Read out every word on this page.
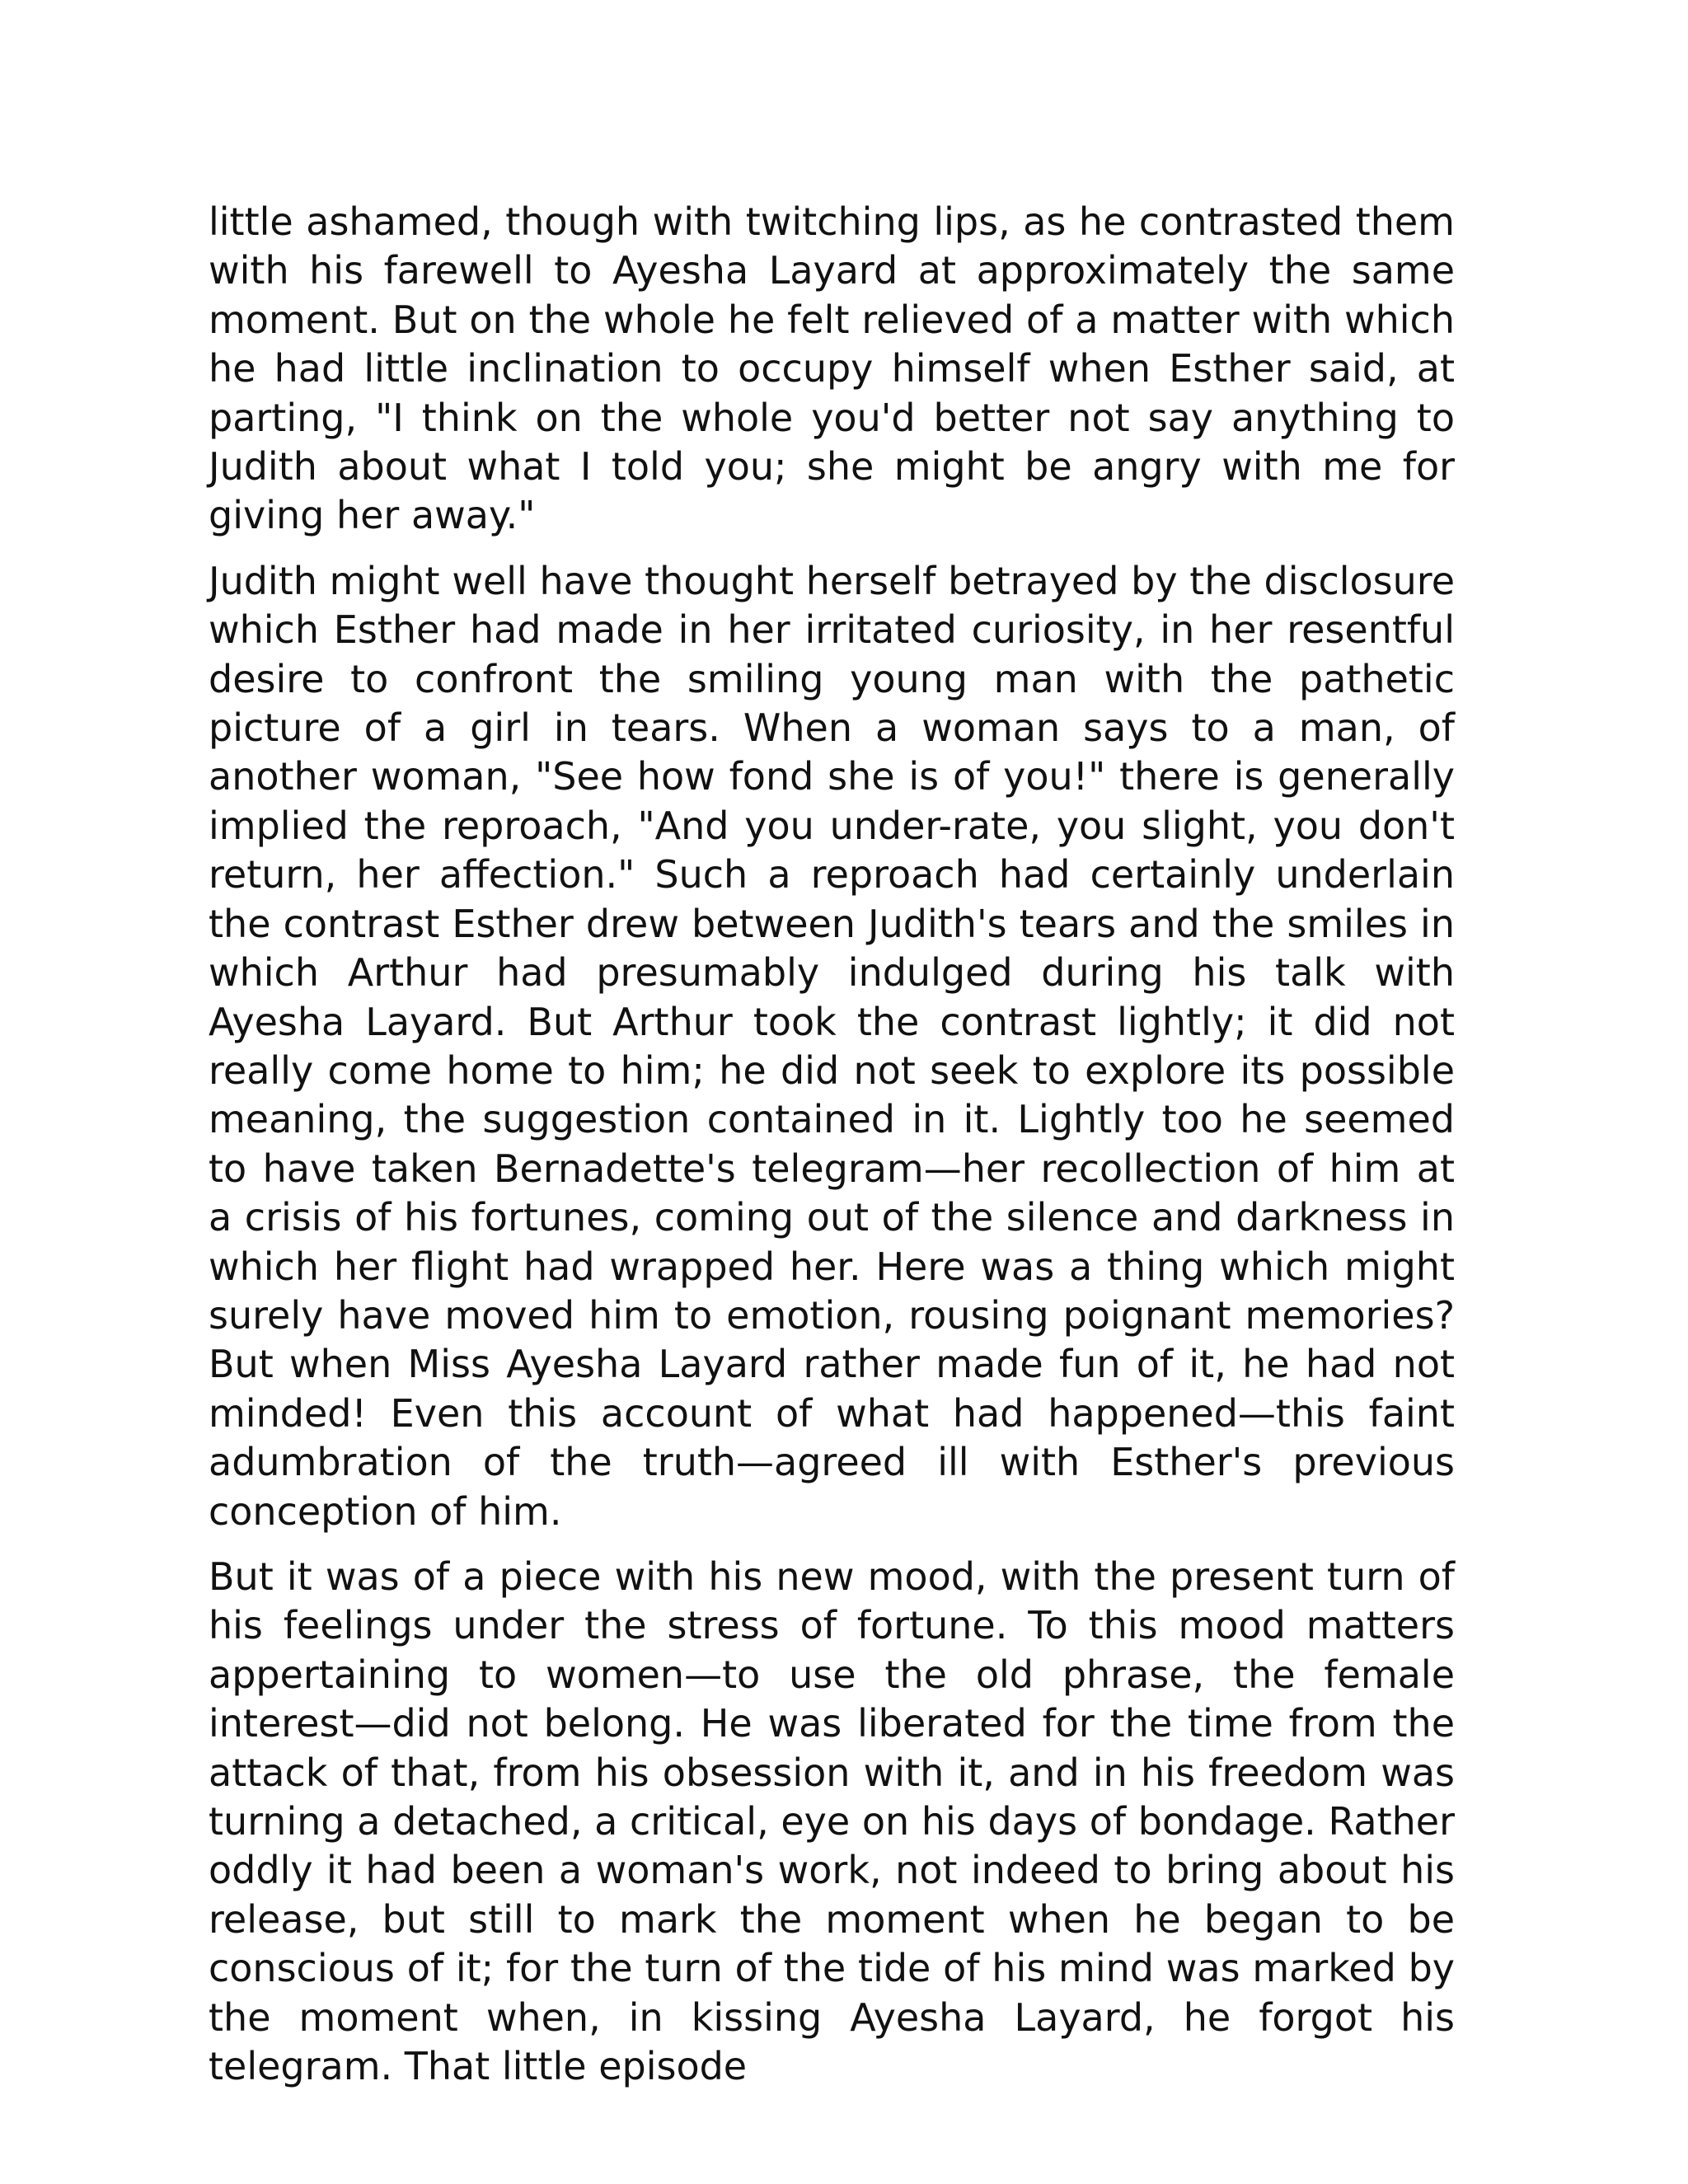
little ashamed, though with twitching lips, as he contrasted them with his farewell to Ayesha Layard at approximately the same moment. But on the whole he felt relieved of a matter with which he had little inclination to occupy himself when Esther said, at parting, "I think on the whole you'd better not say anything to Judith about what I told you; she might be angry with me for giving her away."

Judith might well have thought herself betrayed by the disclosure which Esther had made in her irritated curiosity, in her resentful desire to confront the smiling young man with the pathetic picture of a girl in tears. When a woman says to a man, of another woman, "See how fond she is of you!" there is generally implied the reproach, "And you under-rate, you slight, you don't return, her affection." Such a reproach had certainly underlain the contrast Esther drew between Judith's tears and the smiles in which Arthur had presumably indulged during his talk with Ayesha Layard. But Arthur took the contrast lightly; it did not really come home to him; he did not seek to explore its possible meaning, the suggestion contained in it. Lightly too he seemed to have taken Bernadette's telegram—her recollection of him at a crisis of his fortunes, coming out of the silence and darkness in which her flight had wrapped her. Here was a thing which might surely have moved him to emotion, rousing poignant memories? But when Miss Ayesha Layard rather made fun of it, he had not minded! Even this account of what had happened—this faint adumbration of the truth—agreed ill with Esther's previous conception of him.

But it was of a piece with his new mood, with the present turn of his feelings under the stress of fortune. To this mood matters appertaining to women—to use the old phrase, the female interest—did not belong. He was liberated for the time from the attack of that, from his obsession with it, and in his freedom was turning a detached, a critical, eye on his days of bondage. Rather oddly it had been a woman's work, not indeed to bring about his release, but still to mark the moment when he began to be conscious of it; for the turn of the tide of his mind was marked by the moment when, in kissing Ayesha Layard, he forgot his telegram. That little episode
